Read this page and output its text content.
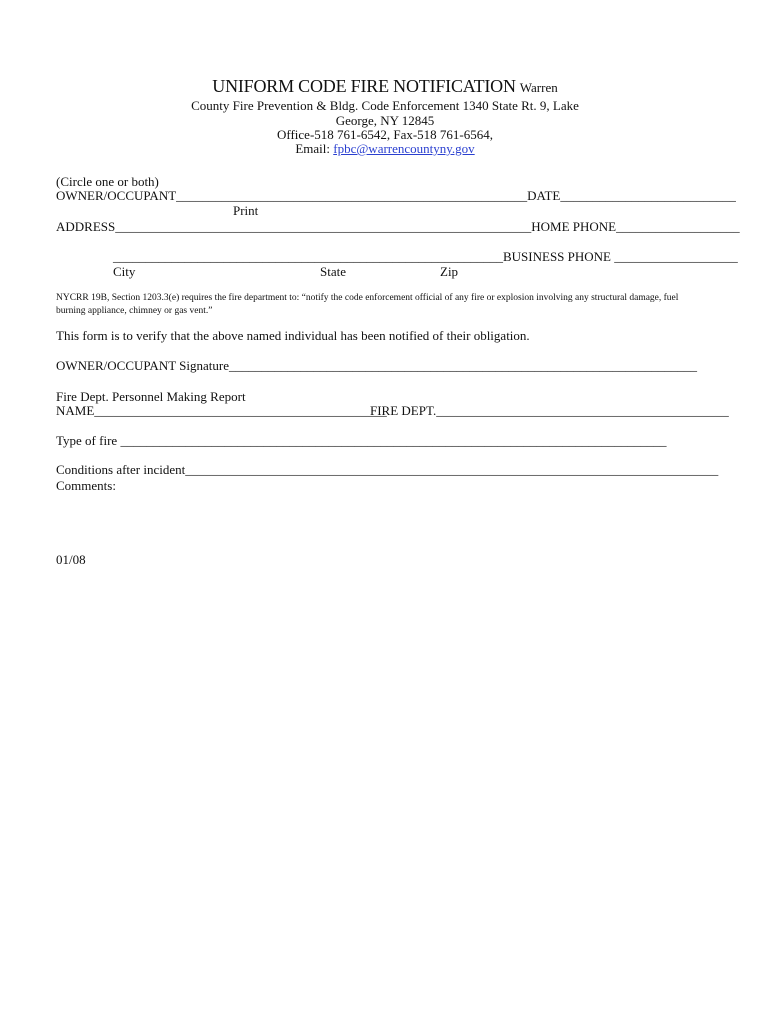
UNIFORM CODE FIRE NOTIFICATION Warren
County Fire Prevention & Bldg. Code Enforcement 1340 State Rt. 9, Lake
George, NY 12845
Office-518 761-6542, Fax-518 761-6564,
Email: fpbc@warrencountyny.gov
(Circle one or both)
OWNER/OCCUPANT______________________________________________________DATE___________________________
Print
ADDRESS________________________________________________________________HOME PHONE___________________
____________________________________________________________BUSINESS PHONE ___________________
City	State	Zip
NYCRR 19B, Section 1203.3(e) requires the fire department to: “notify the code enforcement official of any fire or explosion involving any structural damage, fuel burning appliance, chimney or gas vent.”
This form is to verify that the above named individual has been notified of their obligation.
OWNER/OCCUPANT Signature________________________________________________________________________
Fire Dept. Personnel Making Report
NAME_____________________________________________
FIRE DEPT._____________________________________________
Type of fire ____________________________________________________________________________________
Conditions after incident__________________________________________________________________________________
Comments:
01/08
